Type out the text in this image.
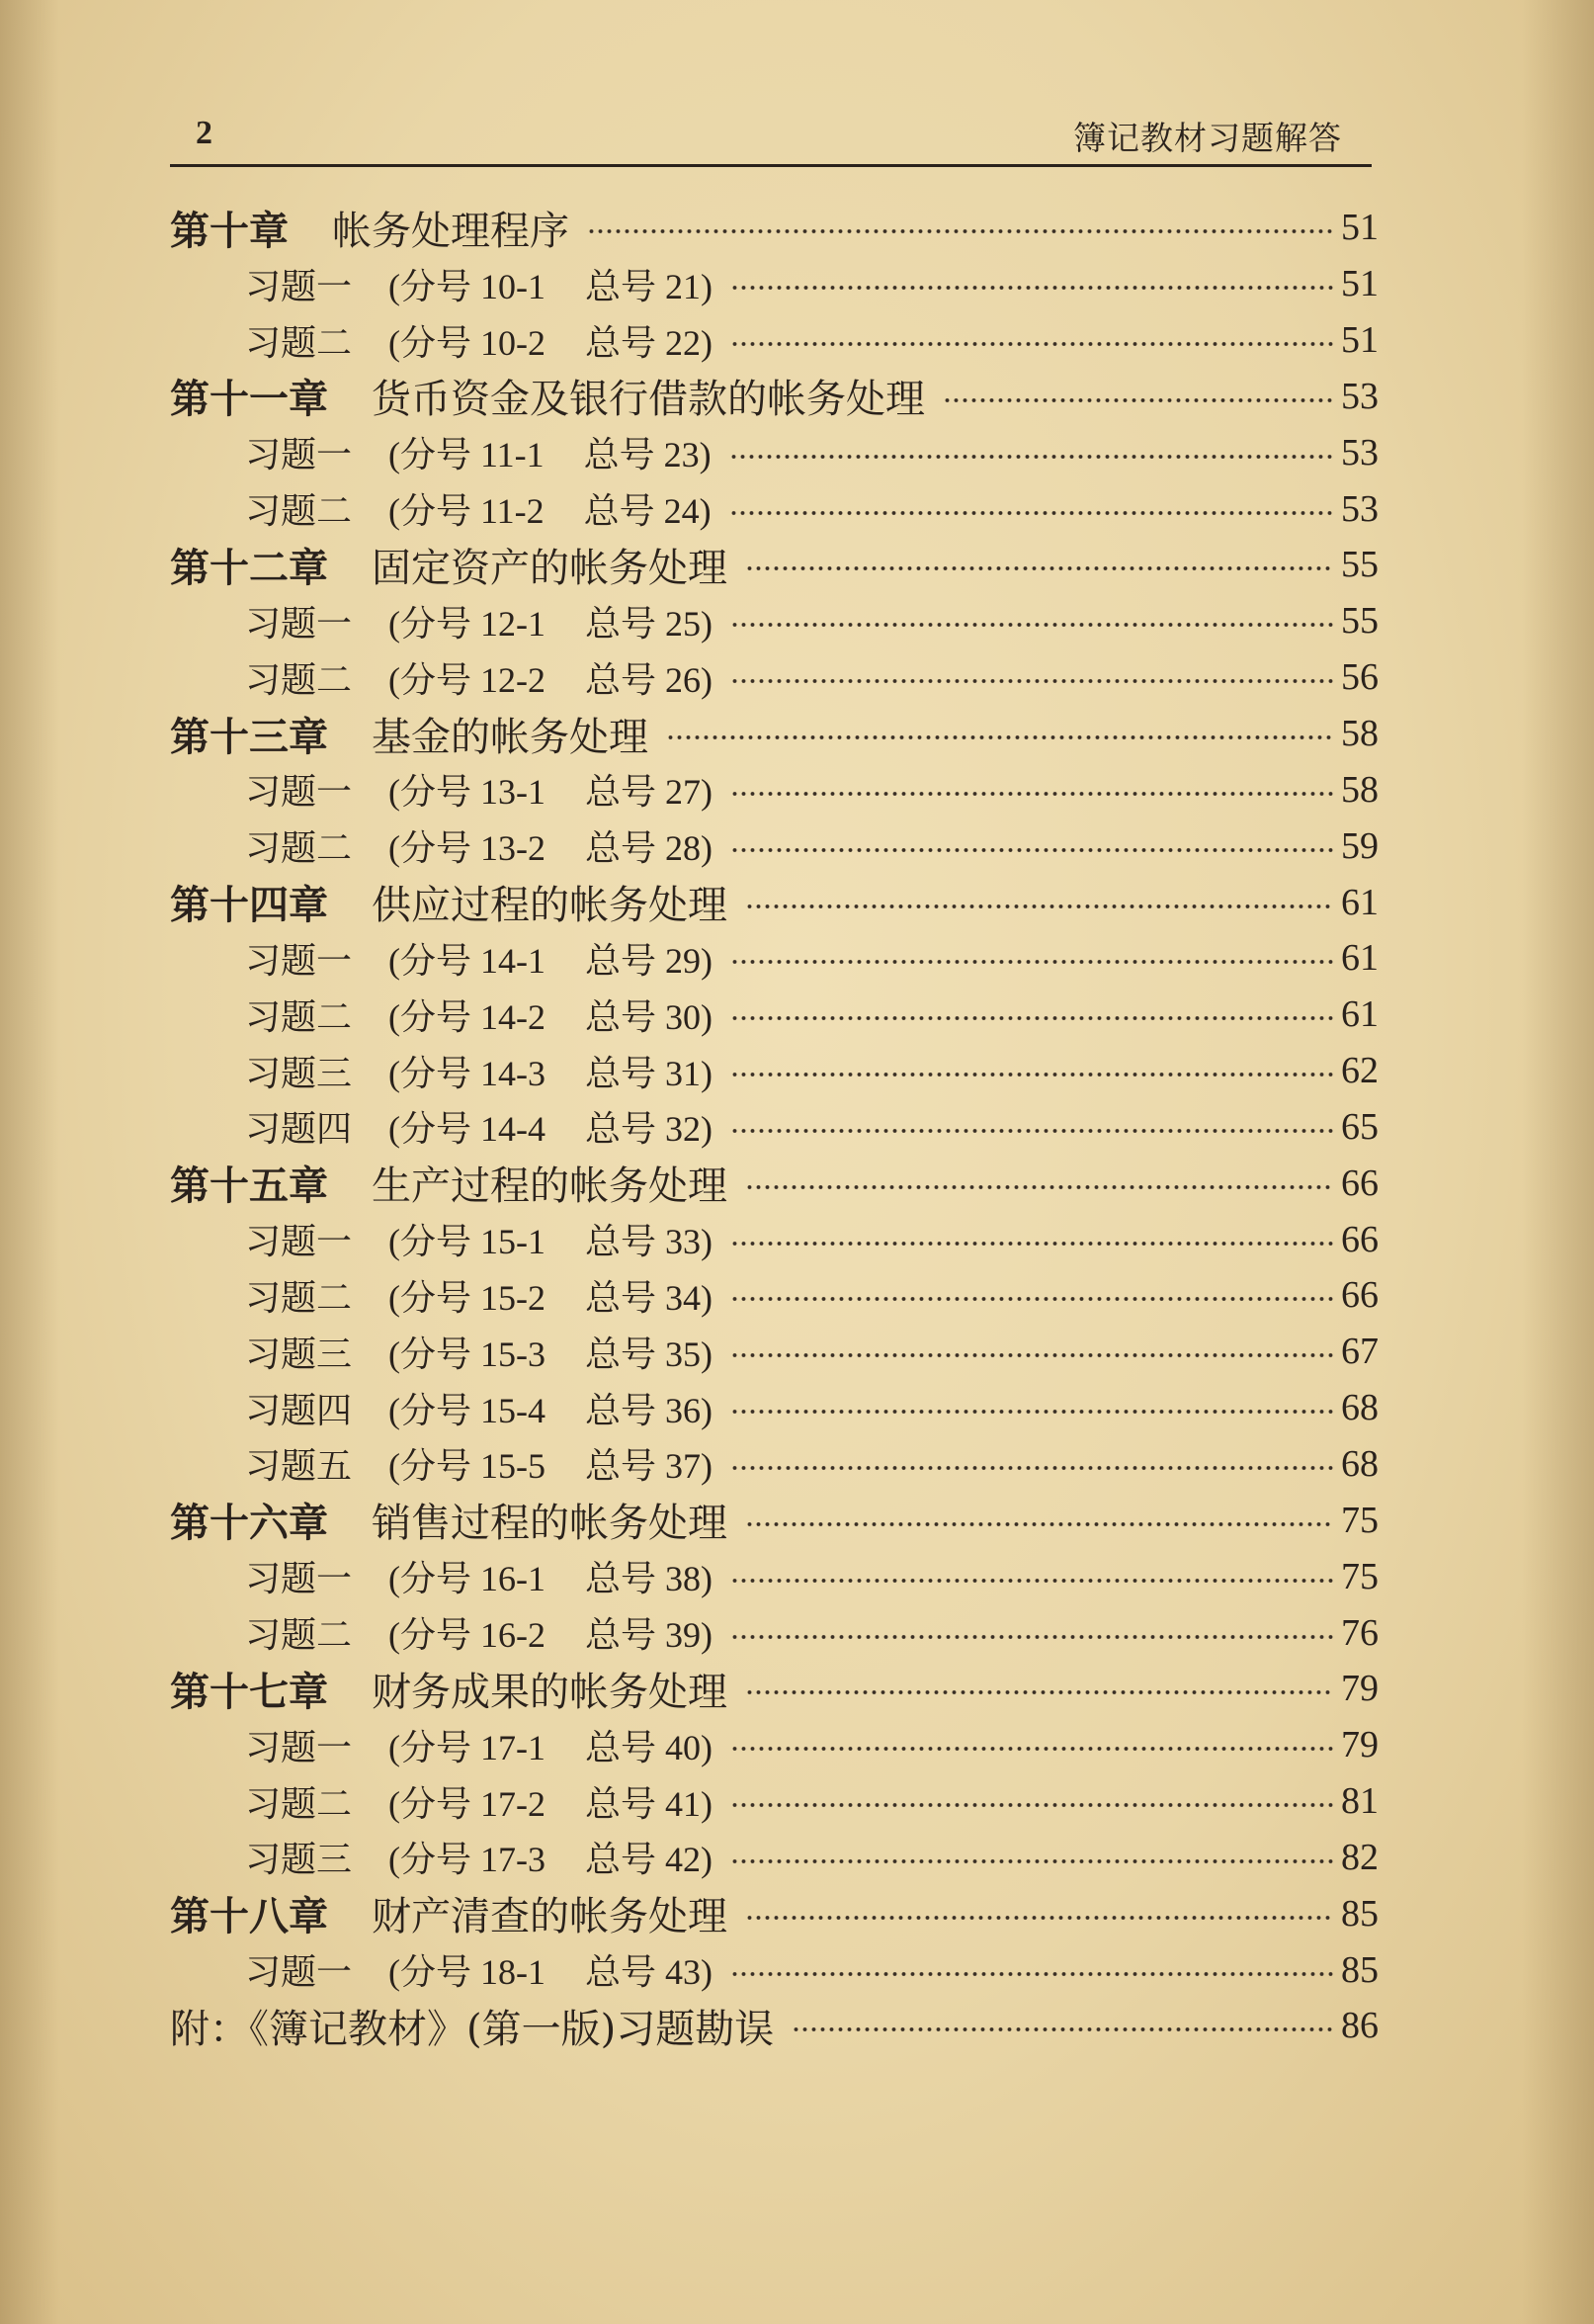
2	簿记教材习题解答
第十章 帐务处理程序	51
习题一 (分号 10-1 总号 21)	51
习题二 (分号 10-2 总号 22)	51
第十一章 货币资金及银行借款的帐务处理	53
习题一 (分号 11-1 总号 23)	53
习题二 (分号 11-2 总号 24)	53
第十二章 固定资产的帐务处理	55
习题一 (分号 12-1 总号 25)	55
习题二 (分号 12-2 总号 26)	56
第十三章 基金的帐务处理	58
习题一 (分号 13-1 总号 27)	58
习题二 (分号 13-2 总号 28)	59
第十四章 供应过程的帐务处理	61
习题一 (分号 14-1 总号 29)	61
习题二 (分号 14-2 总号 30)	61
习题三 (分号 14-3 总号 31)	62
习题四 (分号 14-4 总号 32)	65
第十五章 生产过程的帐务处理	66
习题一 (分号 15-1 总号 33)	66
习题二 (分号 15-2 总号 34)	66
习题三 (分号 15-3 总号 35)	67
习题四 (分号 15-4 总号 36)	68
习题五 (分号 15-5 总号 37)	68
第十六章 销售过程的帐务处理	75
习题一 (分号 16-1 总号 38)	75
习题二 (分号 16-2 总号 39)	76
第十七章 财务成果的帐务处理	79
习题一 (分号 17-1 总号 40)	79
习题二 (分号 17-2 总号 41)	81
习题三 (分号 17-3 总号 42)	82
第十八章 财产清查的帐务处理	85
习题一 (分号 18-1 总号 43)	85
附：《簿记教材》(第一版)习题勘误	86
